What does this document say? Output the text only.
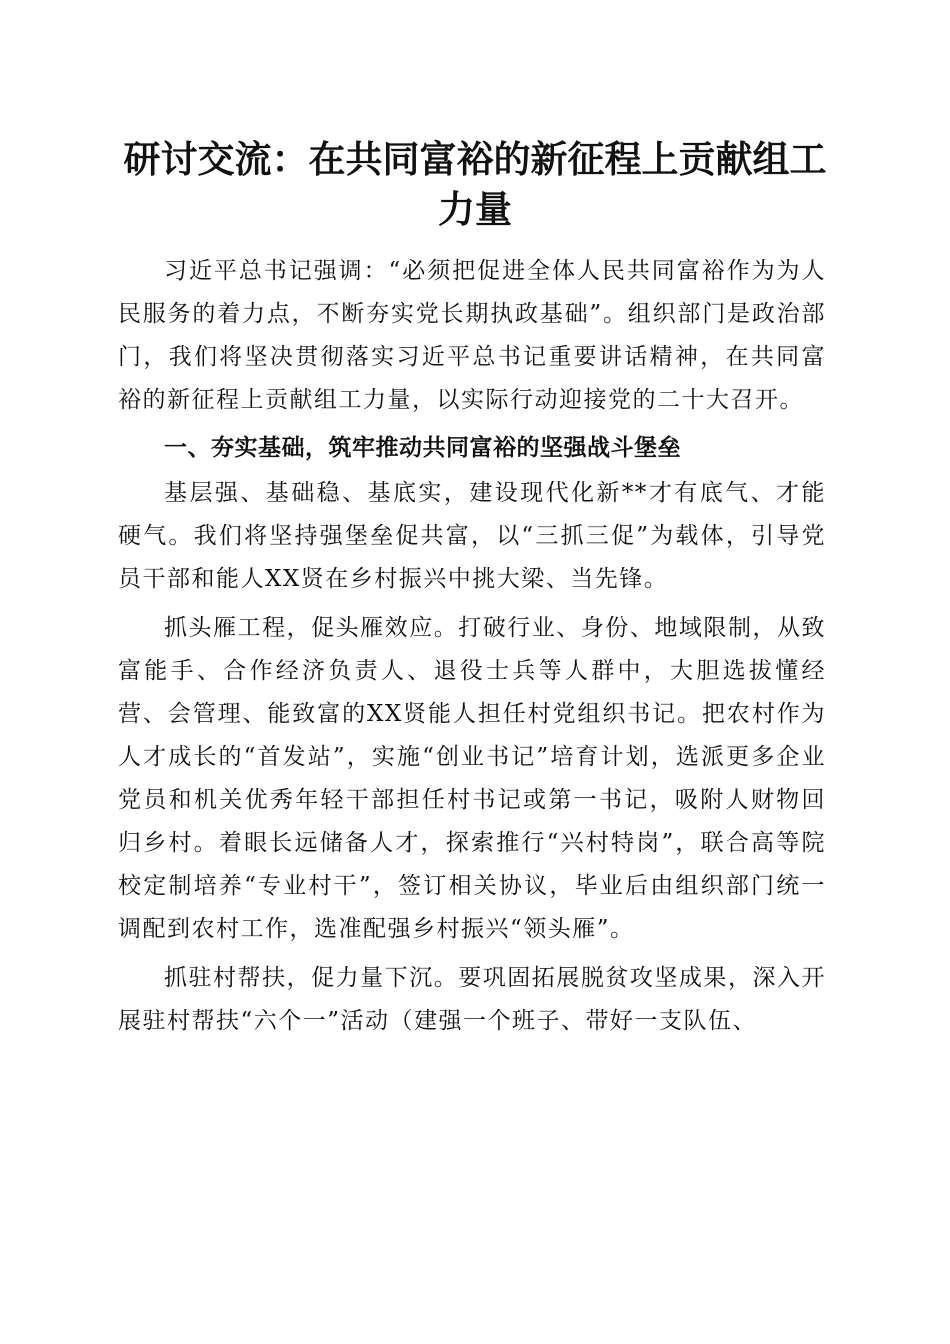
研讨交流：在共同富裕的新征程上贡献组工力量

习近平总书记强调：“必须把促进全体人民共同富裕作为为人民服务的着力点，不断夯实党长期执政基础”。组织部门是政治部门，我们将坚决贯彻落实习近平总书记重要讲话精神，在共同富裕的新征程上贡献组工力量，以实际行动迎接党的二十大召开。

一、夯实基础，筑牢推动共同富裕的坚强战斗堡垒

基层强、基础稳、基底实，建设现代化新**才有底气、才能硬气。我们将坚持强堡垒促共富，以“三抓三促”为载体，引导党员干部和能人XX贤在乡村振兴中挑大梁、当先锋。

抓头雁工程，促头雁效应。打破行业、身份、地域限制，从致富能手、合作经济负责人、退役士兵等人群中，大胆选拔懂经营、会管理、能致富的XX贤能人担任村党组织书记。把农村作为人才成长的“首发站”，实施“创业书记”培育计划，选派更多企业党员和机关优秀年轻干部担任村书记或第一书记，吸附人财物回归乡村。着眼长远储备人才，探索推行“兴村特岗”，联合高等院校定制培养“专业村干”，签订相关协议，毕业后由组织部门统一调配到农村工作，选准配强乡村振兴“领头雁”。

抓驻村帮扶，促力量下沉。要巩固拓展脱贫攻坚成果，深入开展驻村帮扶“六个一”活动（建强一个班子、带好一支队伍、
